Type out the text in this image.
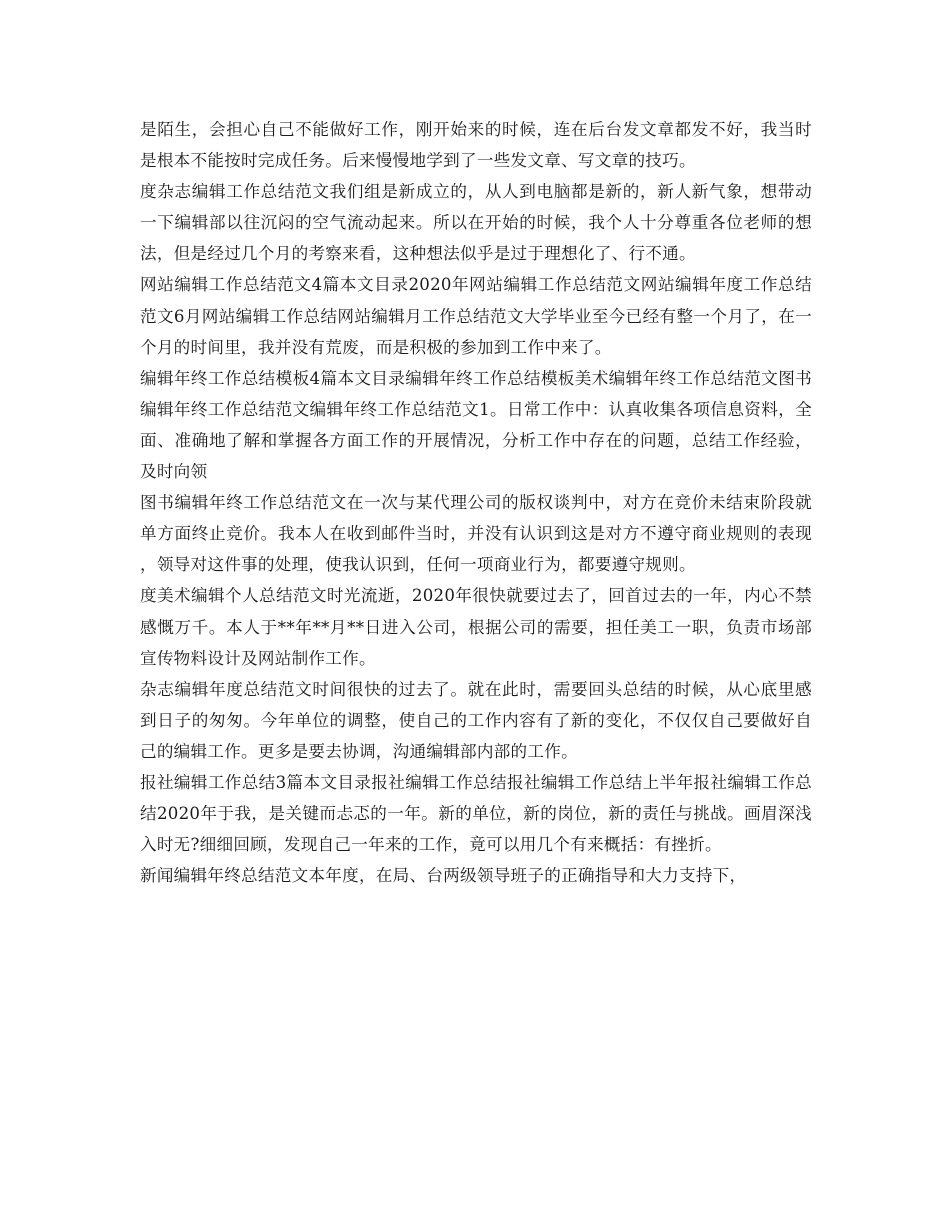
是陌生，会担心自己不能做好工作，刚开始来的时候，连在后台发文章都发不好，我当时是根本不能按时完成任务。后来慢慢地学到了一些发文章、写文章的技巧。

度杂志编辑工作总结范文我们组是新成立的，从人到电脑都是新的，新人新气象，想带动一下编辑部以往沉闷的空气流动起来。所以在开始的时候，我个人十分尊重各位老师的想法，但是经过几个月的考察来看，这种想法似乎是过于理想化了、行不通。

网站编辑工作总结范文4篇本文目录2020年网站编辑工作总结范文网站编辑年度工作总结范文6月网站编辑工作总结网站编辑月工作总结范文大学毕业至今已经有整一个月了，在一个月的时间里，我并没有荒废，而是积极的参加到工作中来了。

编辑年终工作总结模板4篇本文目录编辑年终工作总结模板美术编辑年终工作总结范文图书编辑年终工作总结范文编辑年终工作总结范文1。日常工作中：认真收集各项信息资料，全面、准确地了解和掌握各方面工作的开展情况，分析工作中存在的问题，总结工作经验，及时向领

图书编辑年终工作总结范文在一次与某代理公司的版权谈判中，对方在竞价未结束阶段就单方面终止竞价。我本人在收到邮件当时，并没有认识到这是对方不遵守商业规则的表现，领导对这件事的处理，使我认识到，任何一项商业行为，都要遵守规则。

度美术编辑个人总结范文时光流逝，2020年很快就要过去了，回首过去的一年，内心不禁感慨万千。本人于**年**月**日进入公司，根据公司的需要，担任美工一职，负责市场部宣传物料设计及网站制作工作。

杂志编辑年度总结范文时间很快的过去了。就在此时，需要回头总结的时候，从心底里感到日子的匆匆。今年单位的调整，使自己的工作内容有了新的变化，不仅仅自己要做好自己的编辑工作。更多是要去协调，沟通编辑部内部的工作。

报社编辑工作总结3篇本文目录报社编辑工作总结报社编辑工作总结上半年报社编辑工作总结2020年于我，是关键而忐忑的一年。新的单位，新的岗位，新的责任与挑战。画眉深浅入时无?细细回顾，发现自己一年来的工作，竟可以用几个有来概括：有挫折。

新闻编辑年终总结范文本年度，在局、台两级领导班子的正确指导和大力支持下，
